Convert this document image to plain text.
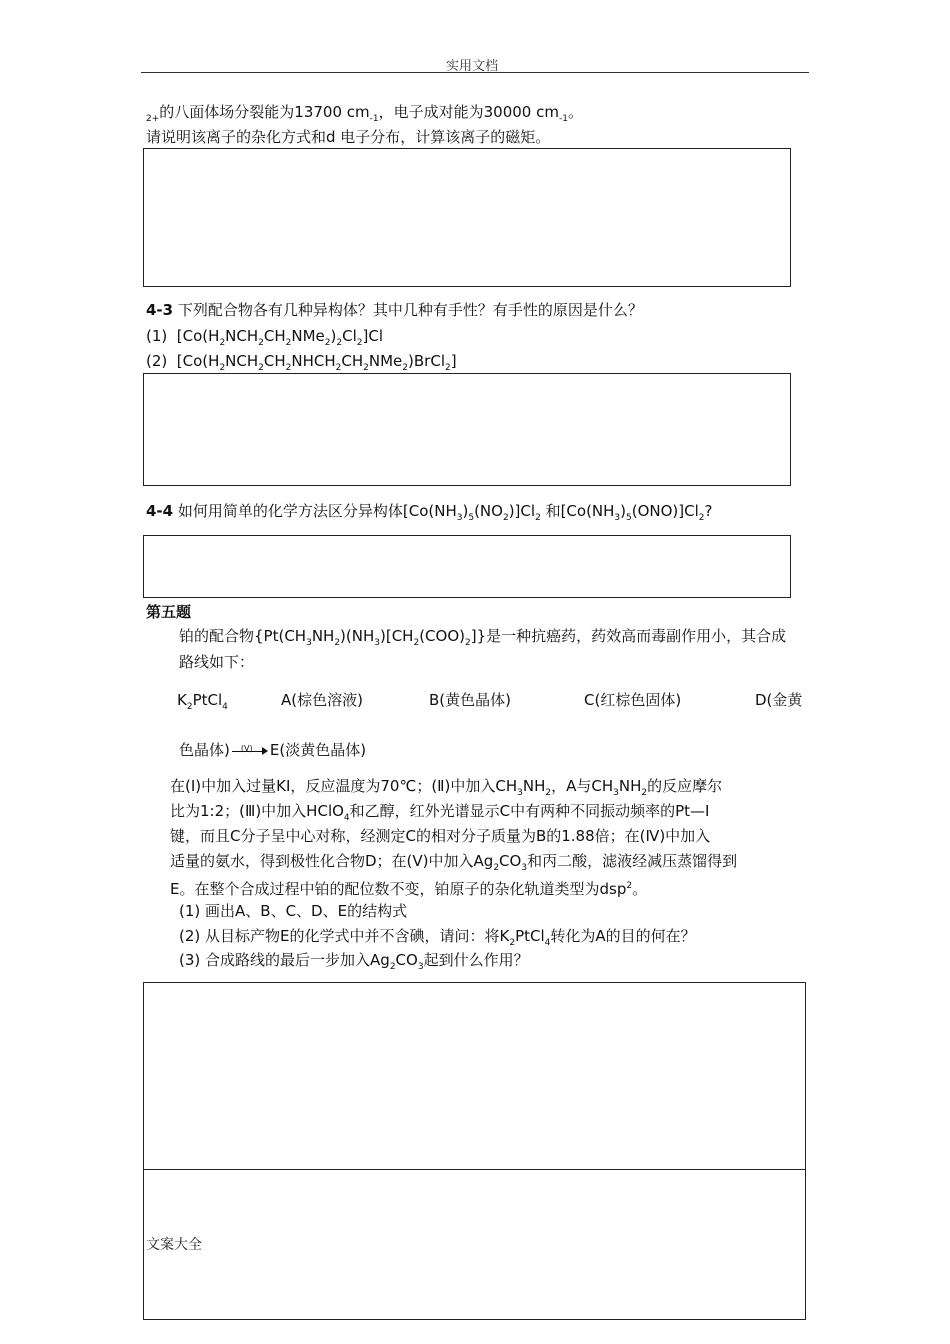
实用文档
$_{2+}$的八面体场分裂能为13700 $cm_{-1}$，电子成对能为30000 $cm_{-1}$。
请说明该离子的杂化方式和d 电子分布，计算该离子的磁矩。
4-3 下列配合物各有几种异构体？其中几种有手性？有手性的原因是什么？
(1) $[Co(H_2NCH_2CH_2NMe_2)_2Cl_2]Cl$
(2) $[Co(H_2NCH_2CH_2NHCH_2CH_2NMe_2)BrCl_2]$
4-4 如何用简单的化学方法区分异构体$[Co(NH_3)_5(NO_2)]Cl_2$ 和$[Co(NH_3)_5(ONO)]Cl_2$?
第五题
铂的配合物$\{Pt(CH_3NH_2)(NH_3)[CH_2(COO)_2]\}$是一种抗癌药，药效高而毒副作用小，其合成
路线如下：
$K_2PtCl_4$	A(棕色溶液)	B(黄色晶体)	C(红棕色固体)	D(金黄
色晶体) (V) E(淡黄色晶体)
在(Ⅰ)中加入过量KI，反应温度为70℃；(Ⅱ)中加入$CH_3NH_2$，A与$CH_3NH_2$的反应摩尔
比为1:2；(Ⅲ)中加入HClO$_4$和乙醇，红外光谱显示C中有两种不同振动频率的Pt—I
键，而且C分子呈中心对称，经测定C的相对分子质量为B的1.88倍；在(Ⅳ)中加入
适量的氨水，得到极性化合物D；在(Ⅴ)中加入$Ag_2CO_3$和丙二酸，滤液经减压蒸馏得到
E。在整个合成过程中铂的配位数不变，铂原子的杂化轨道类型为dsp$^2$。
(1) 画出A、B、C、D、E的结构式
(2) 从目标产物E的化学式中并不含碘，请问：将$K_2PtCl_4$转化为A的目的何在？
(3) 合成路线的最后一步加入$Ag_2CO_3$起到什么作用？
文案大全
